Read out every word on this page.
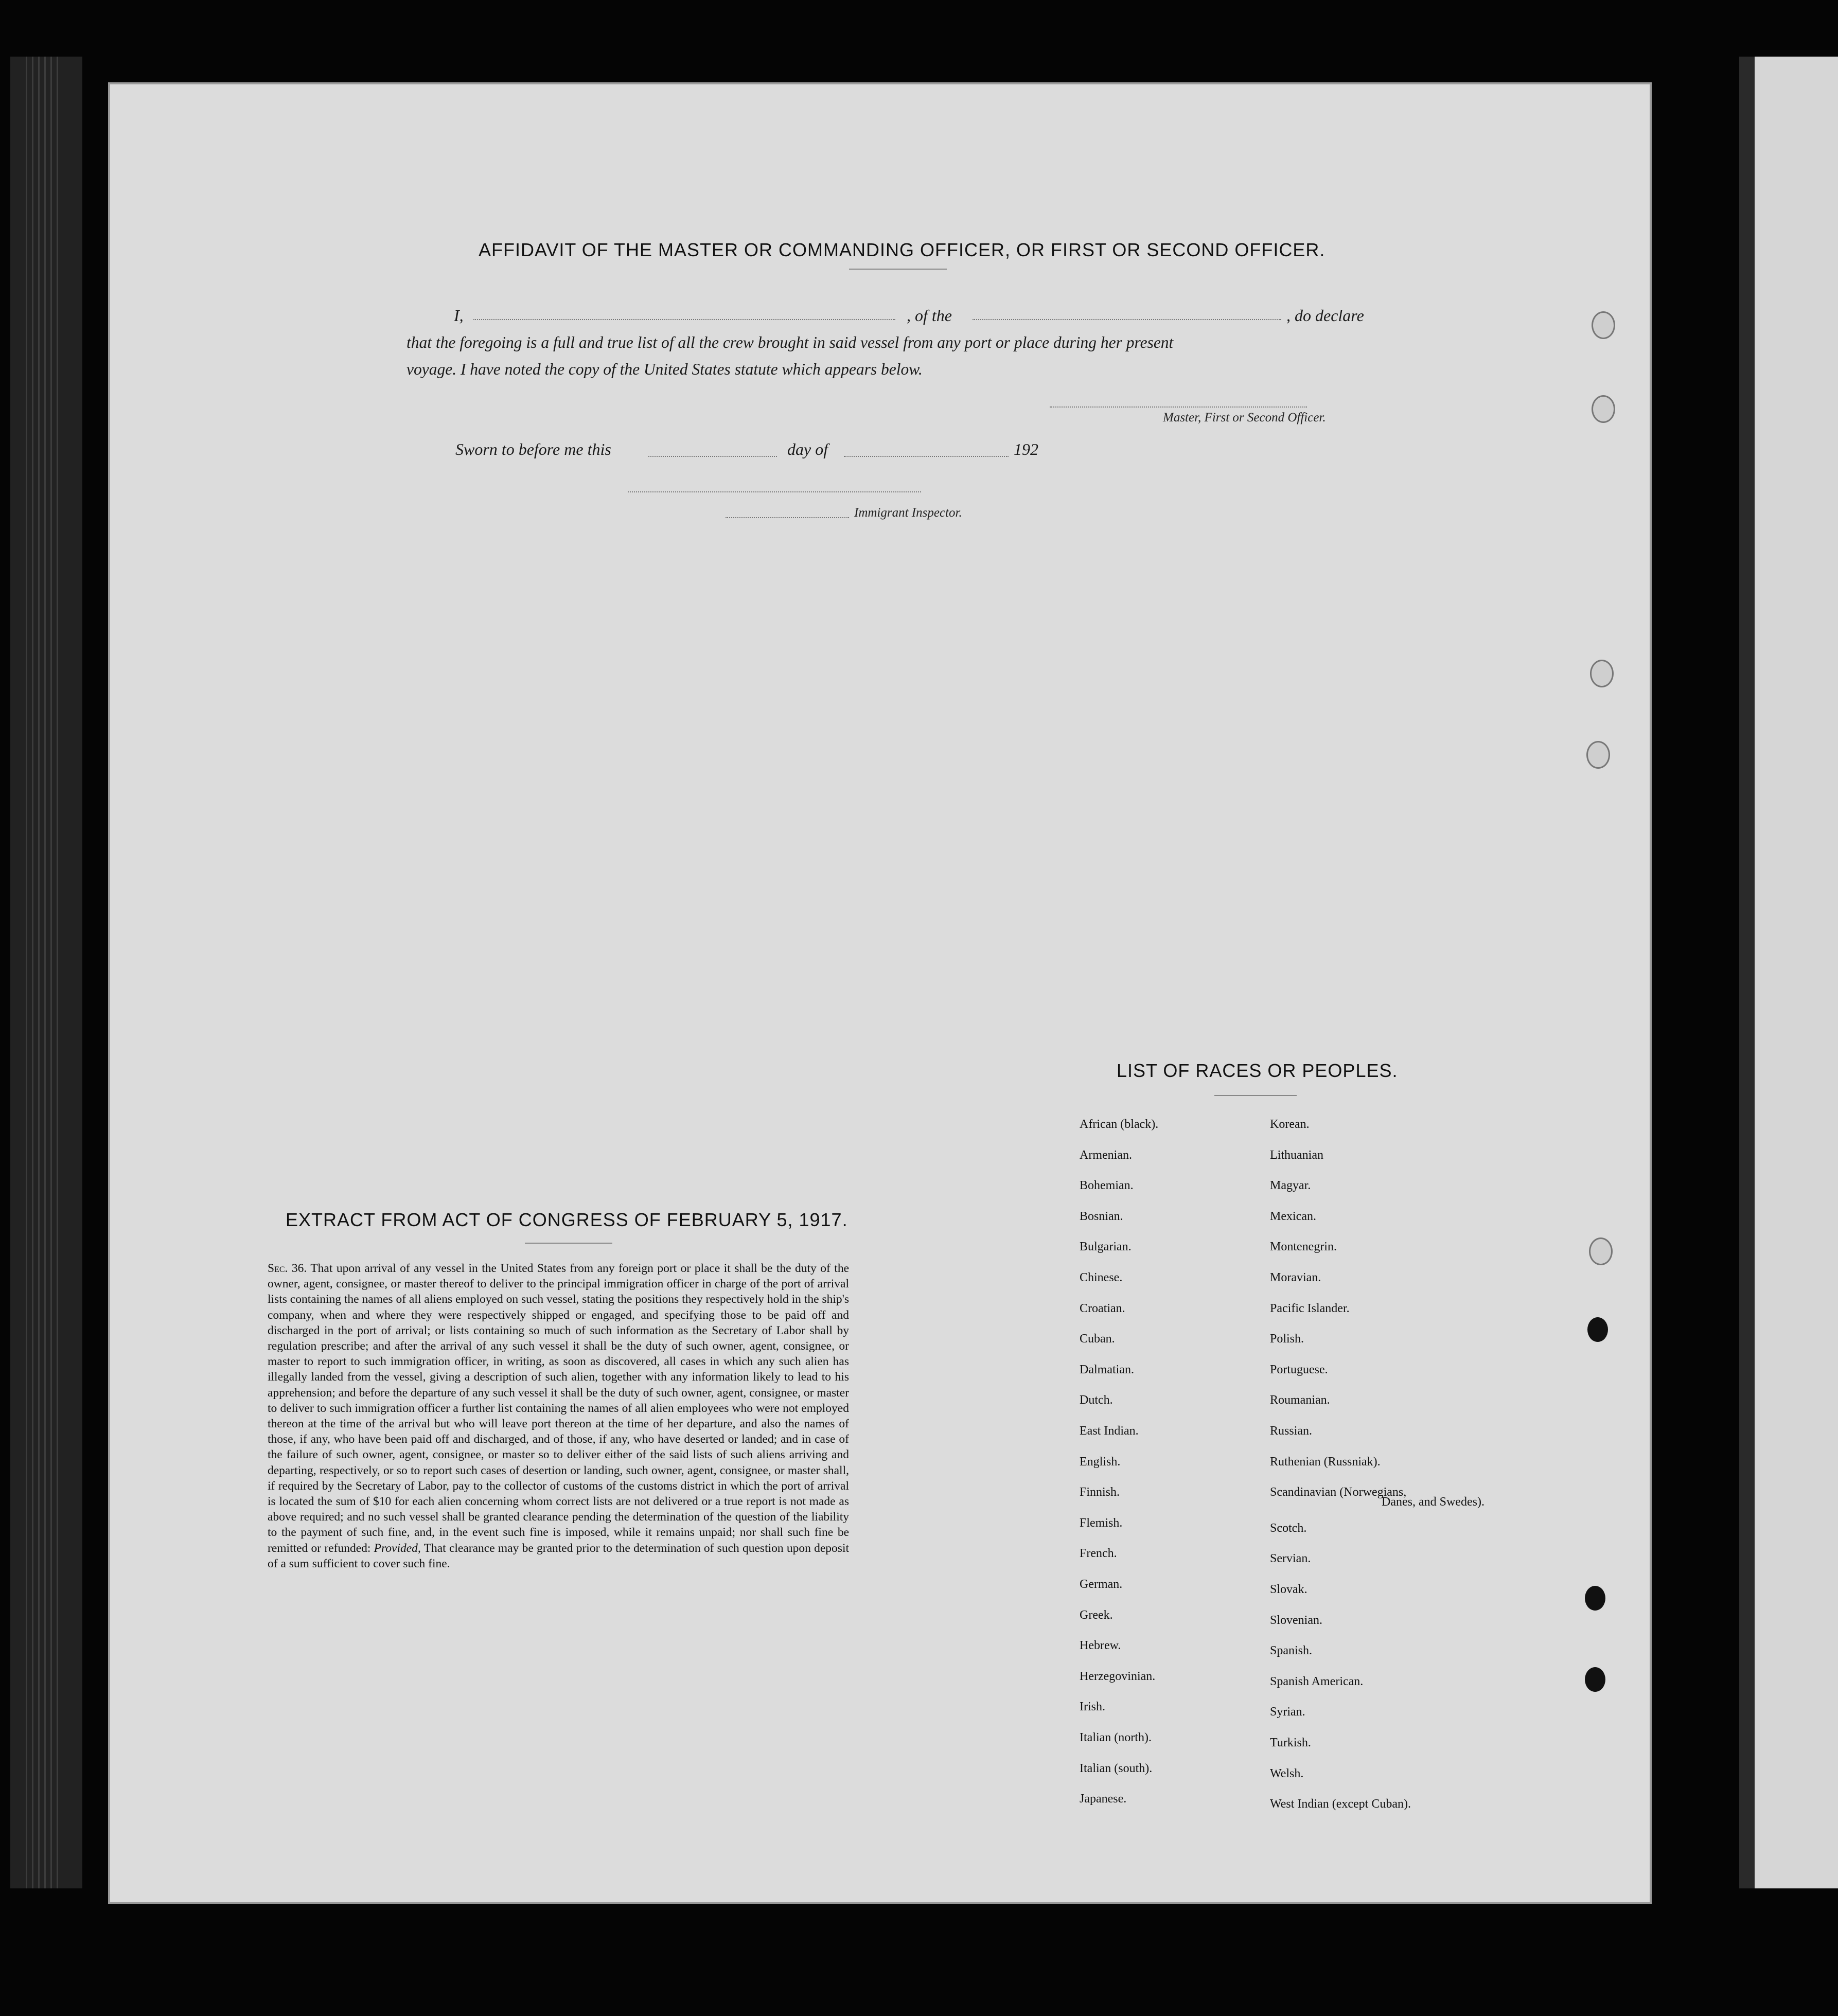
AFFIDAVIT OF THE MASTER OR COMMANDING OFFICER, OR FIRST OR SECOND OFFICER.
I,	, of the	, do declare
that the foregoing is a full and true list of all the crew brought in said vessel from any port or place during her present
voyage. I have noted the copy of the United States statute which appears below.
Master, First or Second Officer.
Sworn to before me this	day of	192
Immigrant Inspector.
EXTRACT FROM ACT OF CONGRESS OF FEBRUARY 5, 1917.
Sec. 36. That upon arrival of any vessel in the United States from any foreign port or place it shall be the duty of the owner, agent, consignee, or master thereof to deliver to the principal immigration officer in charge of the port of arrival lists containing the names of all aliens employed on such vessel, stating the positions they respectively hold in the ship's company, when and where they were respectively shipped or engaged, and specifying those to be paid off and discharged in the port of arrival; or lists containing so much of such information as the Secretary of Labor shall by regulation prescribe; and after the arrival of any such vessel it shall be the duty of such owner, agent, consignee, or master to report to such immigration officer, in writing, as soon as discovered, all cases in which any such alien has illegally landed from the vessel, giving a description of such alien, together with any information likely to lead to his apprehension; and before the departure of any such vessel it shall be the duty of such owner, agent, consignee, or master to deliver to such immigration officer a further list containing the names of all alien employees who were not employed thereon at the time of the arrival but who will leave port thereon at the time of her departure, and also the names of those, if any, who have been paid off and discharged, and of those, if any, who have deserted or landed; and in case of the failure of such owner, agent, consignee, or master so to deliver either of the said lists of such aliens arriving and departing, respectively, or so to report such cases of desertion or landing, such owner, agent, consignee, or master shall, if required by the Secretary of Labor, pay to the collector of customs of the customs district in which the port of arrival is located the sum of $10 for each alien concerning whom correct lists are not delivered or a true report is not made as above required; and no such vessel shall be granted clearance pending the determination of the question of the liability to the payment of such fine, and, in the event such fine is imposed, while it remains unpaid; nor shall such fine be remitted or refunded: Provided, That clearance may be granted prior to the determination of such question upon deposit of a sum sufficient to cover such fine.
LIST OF RACES OR PEOPLES.
African (black).
Armenian.
Bohemian.
Bosnian.
Bulgarian.
Chinese.
Croatian.
Cuban.
Dalmatian.
Dutch.
East Indian.
English.
Finnish.
Flemish.
French.
German.
Greek.
Hebrew.
Herzegovinian.
Irish.
Italian (north).
Italian (south).
Japanese.
Korean.
Lithuanian
Magyar.
Mexican.
Montenegrin.
Moravian.
Pacific Islander.
Polish.
Portuguese.
Roumanian.
Russian.
Ruthenian (Russniak).
Scandinavian (Norwegians,
Scotch.
Servian.
Slovak.
Slovenian.
Spanish.
Spanish American.
Syrian.
Turkish.
Welsh.
West Indian (except Cuban).
Danes, and Swedes).
